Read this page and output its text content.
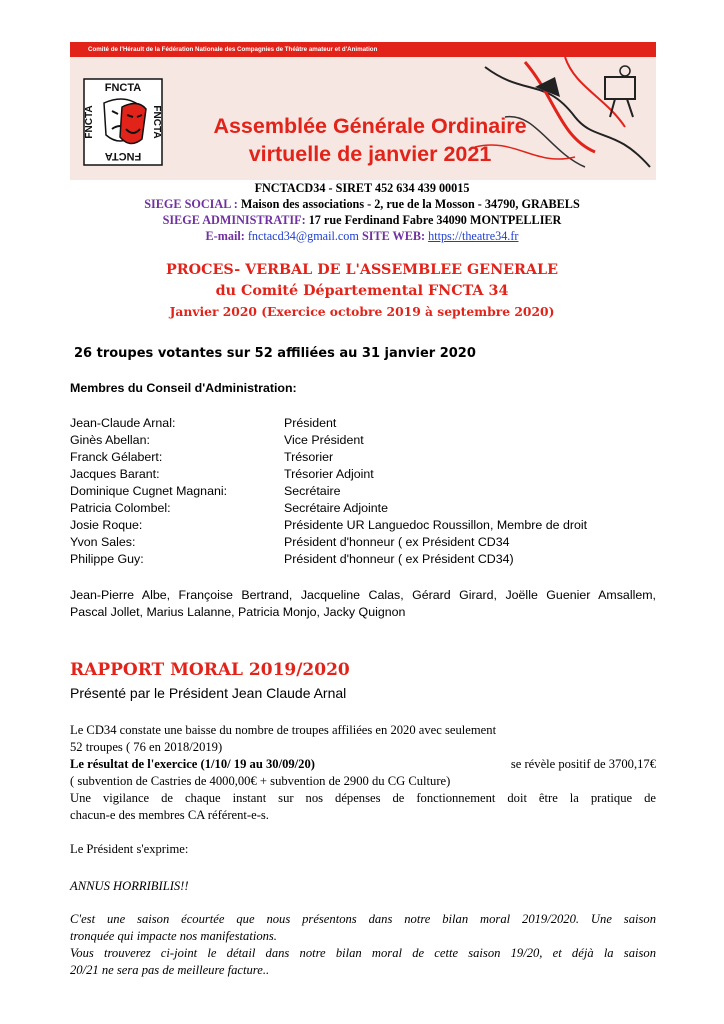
Comité de l'Hérault de la Fédération Nationale des Compagnies de Théâtre amateur et d'Animation
FNCTA
FNCTA
FNCTA	FNCTA	Assemblée Générale Ordinaire
virtuelle de janvier 2021
FNCTACD34 - SIRET 452 634 439 00015
SIEGE SOCIAL : Maison des associations - 2, rue de la Mosson - 34790, GRABELS
SIEGE ADMINISTRATIF: 17 rue Ferdinand Fabre 34090 MONTPELLIER
E-mail: fnctacd34@gmail.com SITE WEB: https://theatre34.fr
PROCES- VERBAL DE L'ASSEMBLEE GENERALE
du Comité Départemental FNCTA 34
Janvier 2020 (Exercice octobre 2019 à septembre 2020)
26 troupes votantes sur 52 affiliées au 31 janvier 2020
Membres du Conseil d'Administration:
Jean-Claude Arnal:	Président
Ginès Abellan:	Vice Président
Franck Gélabert:	Trésorier
Jacques Barant:	Trésorier Adjoint
Dominique Cugnet Magnani:	Secrétaire
Patricia Colombel:	Secrétaire Adjointe
Josie Roque:	Présidente UR Languedoc Roussillon, Membre de droit
Yvon Sales:	Président d'honneur ( ex Président CD34
Philippe Guy:	Président d'honneur ( ex Président CD34)
Jean-Pierre Albe, Françoise Bertrand, Jacqueline Calas, Gérard Girard, Joëlle Guenier Amsallem,
Pascal Jollet, Marius Lalanne, Patricia Monjo, Jacky Quignon
RAPPORT MORAL 2019/2020
Présenté par le Président Jean Claude Arnal
Le CD34 constate une baisse du nombre de troupes affiliées en 2020 avec seulement
52 troupes ( 76 en 2018/2019)
Le résultat de l'exercice (1/10/ 19 au 30/09/20)	se révèle positif de 3700,17€
( subvention de Castries de 4000,00€ + subvention de 2900 du CG Culture)
Une vigilance de chaque instant sur nos dépenses de fonctionnement doit être la pratique de
chacun-e des membres CA référent-e-s.
Le Président s'exprime:
ANNUS HORRIBILIS!!
C'est une saison écourtée que nous présentons dans notre bilan moral 2019/2020. Une saison
tronquée qui impacte nos manifestations.
Vous trouverez ci-joint le détail dans notre bilan moral de cette saison 19/20, et déjà la saison
20/21 ne sera pas de meilleure facture..
